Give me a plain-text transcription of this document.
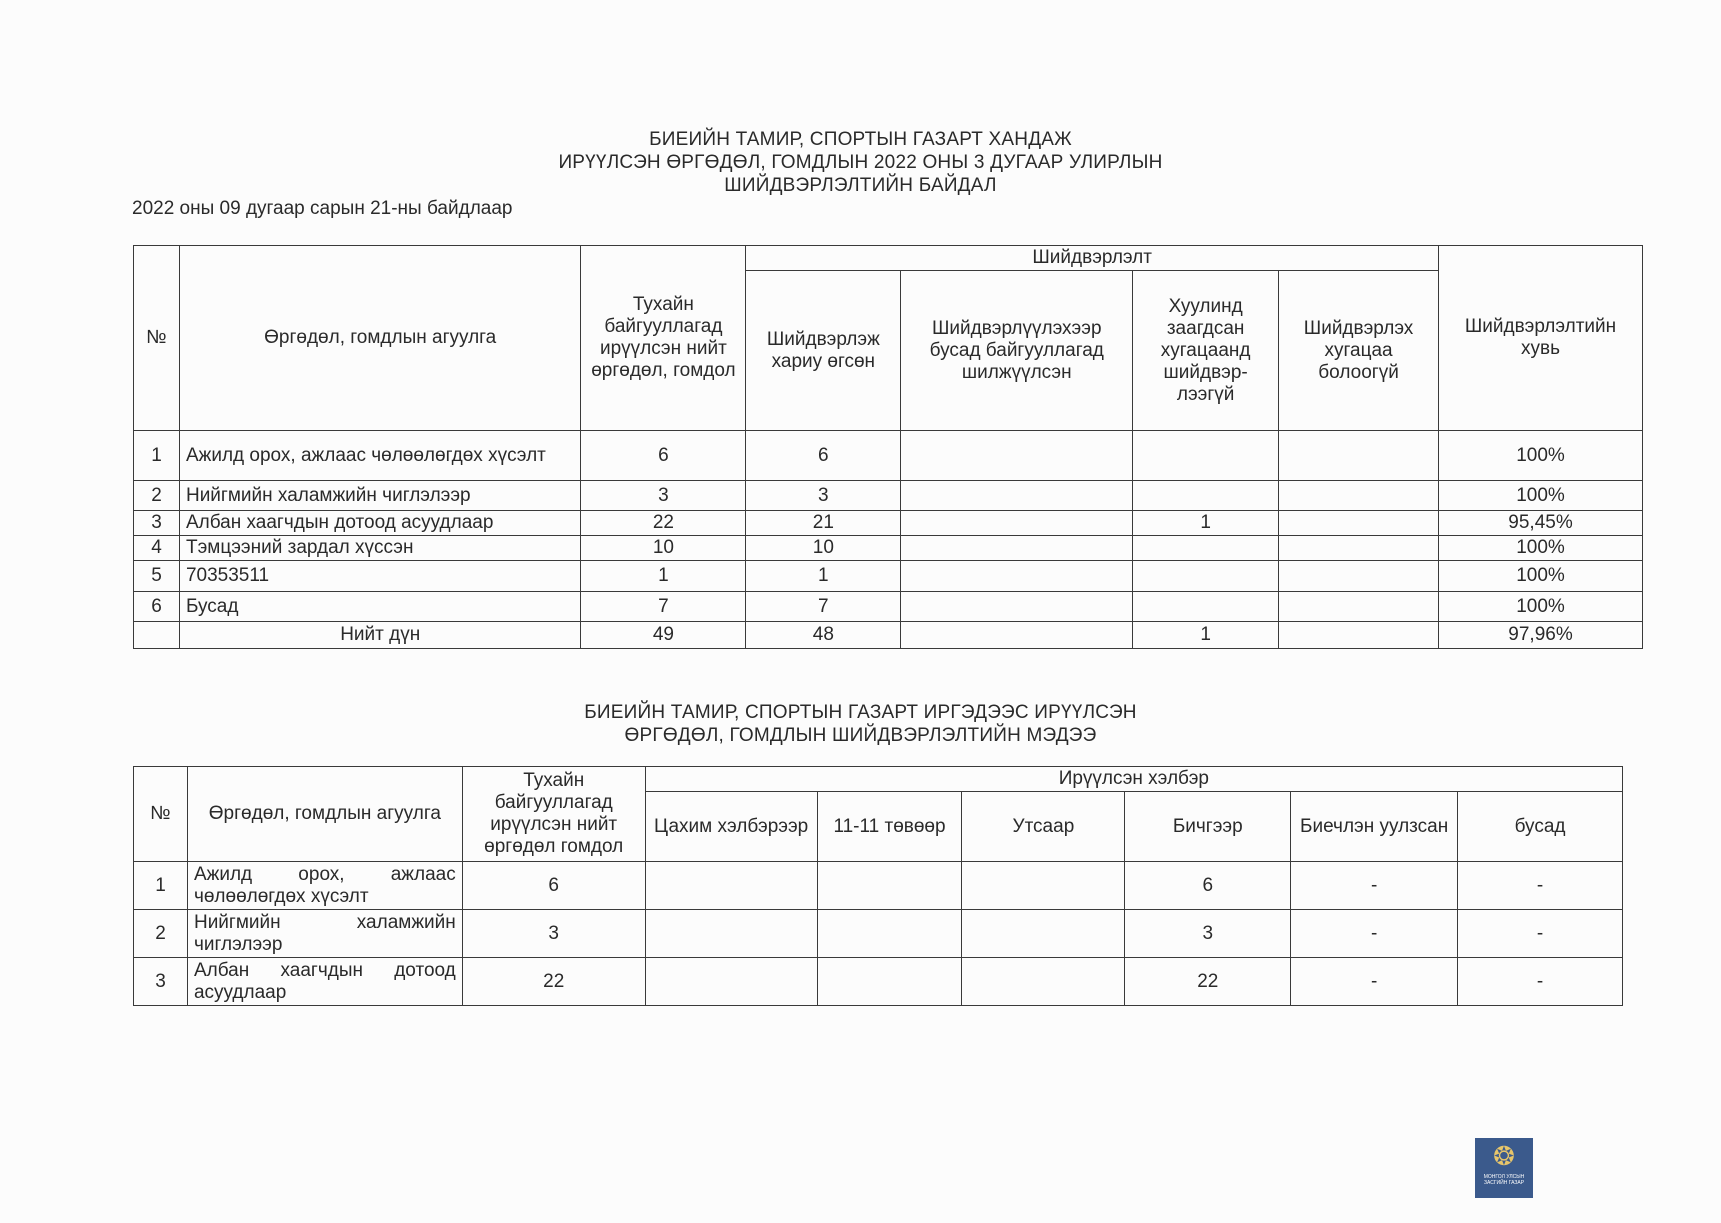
БИЕИЙН ТАМИР, СПОРТЫН ГАЗАРТ ХАНДАЖ
ИРҮҮЛСЭН ӨРГӨДӨЛ, ГОМДЛЫН 2022 ОНЫ 3 ДУГААР УЛИРЛЫН
ШИЙДВЭРЛЭЛТИЙН БАЙДАЛ
2022 оны 09 дугаар сарын 21-ны байдлаар
№	Өргөдөл, гомдлын агуулга	Тухайн байгууллагад ирүүлсэн нийт өргөдөл, гомдол	Шийдвэрлэлт				Шийдвэрлэлтийн хувь
			Шийдвэрлэж хариу өгсөн	Шийдвэрлүүлэхээр бусад байгууллагад шилжүүлсэн	Хуулинд заагдсан хугацаанд шийдвэр-лээгүй	Шийдвэрлэх хугацаа болоогүй	
1	Ажилд орох, ажлаас чөлөөлөгдөх хүсэлт	6	6				100%
2	Нийгмийн халамжийн чиглэлээр	3	3				100%
3	Албан хаагчдын дотоод асуудлаар	22	21		1		95,45%
4	Тэмцээний зардал хүссэн	10	10				100%
5	70353511	1	1				100%
6	Бусад	7	7				100%
	Нийт дүн	49	48		1		97,96%
БИЕИЙН ТАМИР, СПОРТЫН ГАЗАРТ ИРГЭДЭЭС ИРҮҮЛСЭН
ӨРГӨДӨЛ, ГОМДЛЫН ШИЙДВЭРЛЭЛТИЙН МЭДЭЭ
№	Өргөдөл, гомдлын агуулга	Тухайн байгууллагад ирүүлсэн нийт өргөдөл гомдол	Ирүүлсэн хэлбэр					
			Цахим хэлбэрээр	11-11 төвөөр	Утсаар	Бичгээр	Биечлэн уулзсан	бусад
1	Ажилд орох, ажлаас чөлөөлөгдөх хүсэлт	6				6	-	-
2	Нийгмийн халамжийн чиглэлээр	3				3	-	-
3	Албан хаагчдын дотоод асуудлаар	22				22	-	-
❂
МОНГОЛ УЛСЫН ЗАСГИЙН ГАЗАР
